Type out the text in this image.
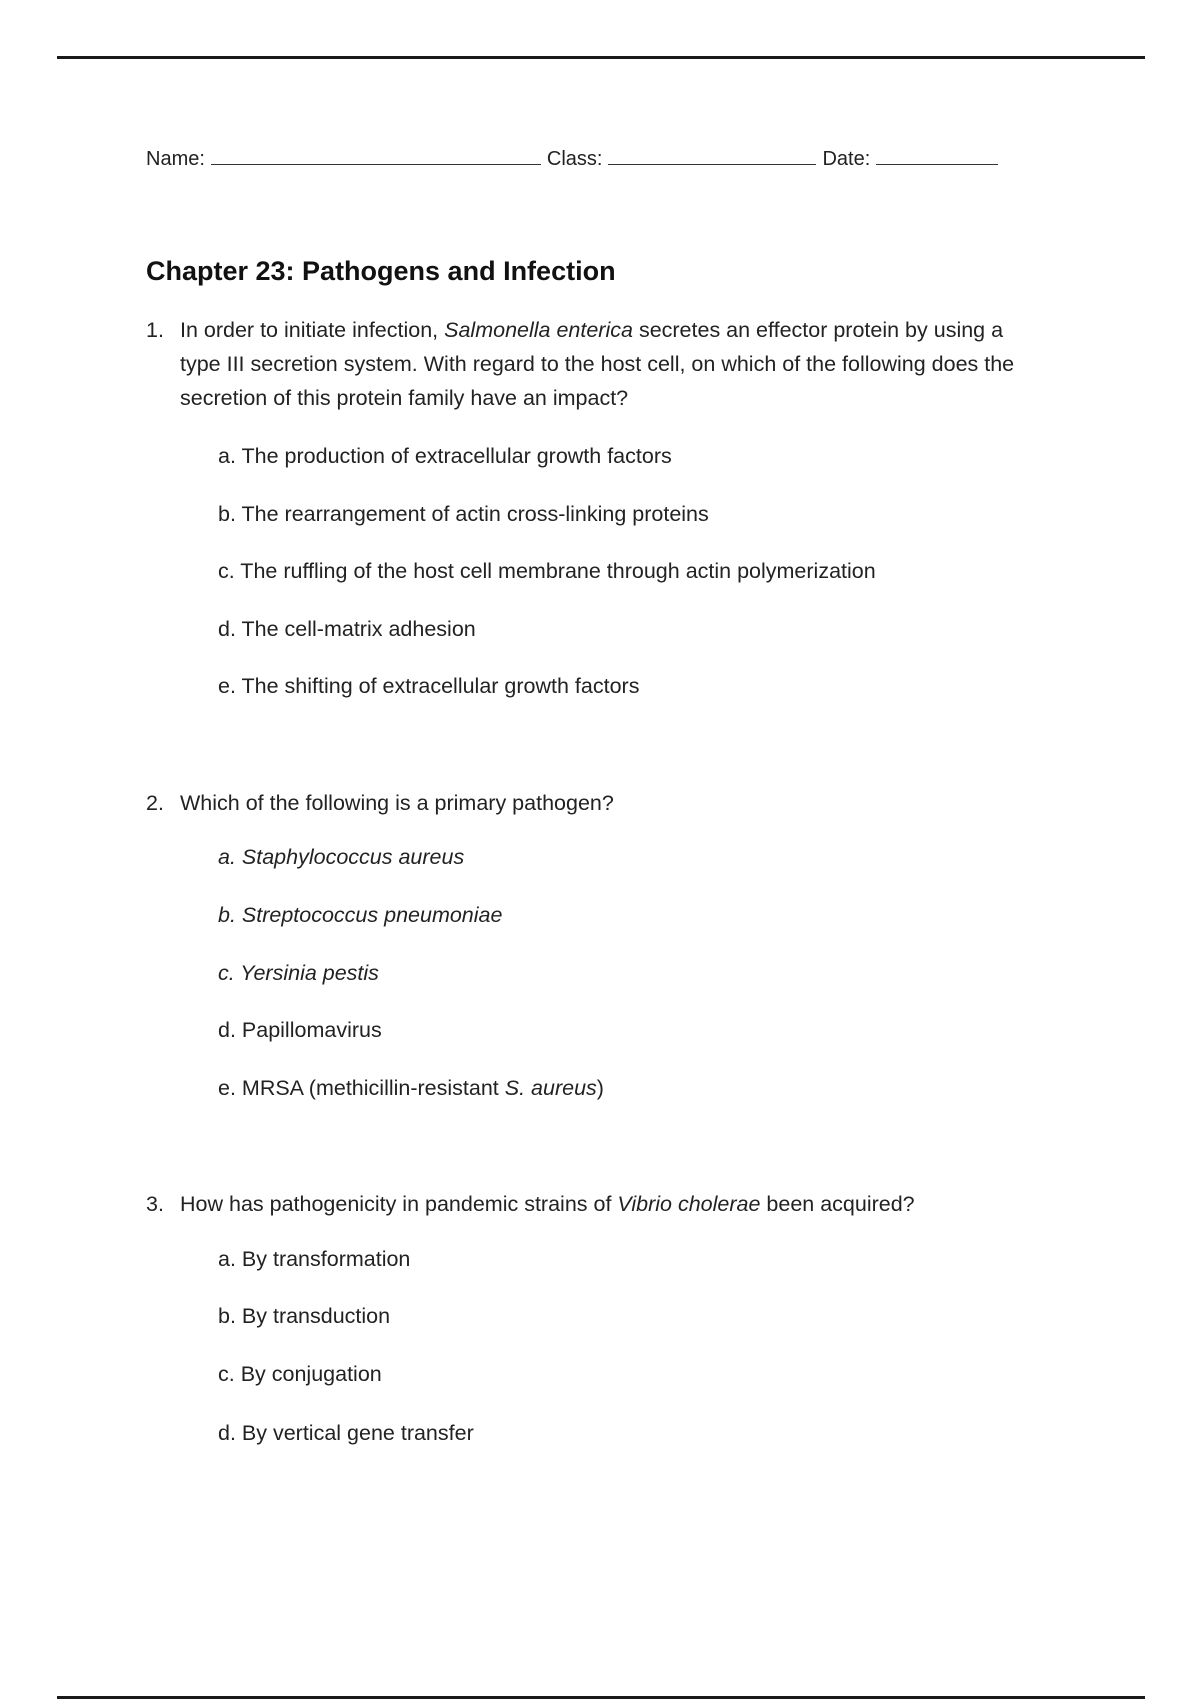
Name:	Class:	Date:
Chapter 23: Pathogens and Infection
1. In order to initiate infection, Salmonella enterica secretes an effector protein by using a type III secretion system. With regard to the host cell, on which of the following does the secretion of this protein family have an impact?
a. The production of extracellular growth factors
b. The rearrangement of actin cross-linking proteins
c. The ruffling of the host cell membrane through actin polymerization
d. The cell-matrix adhesion
e. The shifting of extracellular growth factors
2. Which of the following is a primary pathogen?
a. Staphylococcus aureus
b. Streptococcus pneumoniae
c. Yersinia pestis
d. Papillomavirus
e. MRSA (methicillin-resistant S. aureus)
3. How has pathogenicity in pandemic strains of Vibrio cholerae been acquired?
a. By transformation
b. By transduction
c. By conjugation
d. By vertical gene transfer
